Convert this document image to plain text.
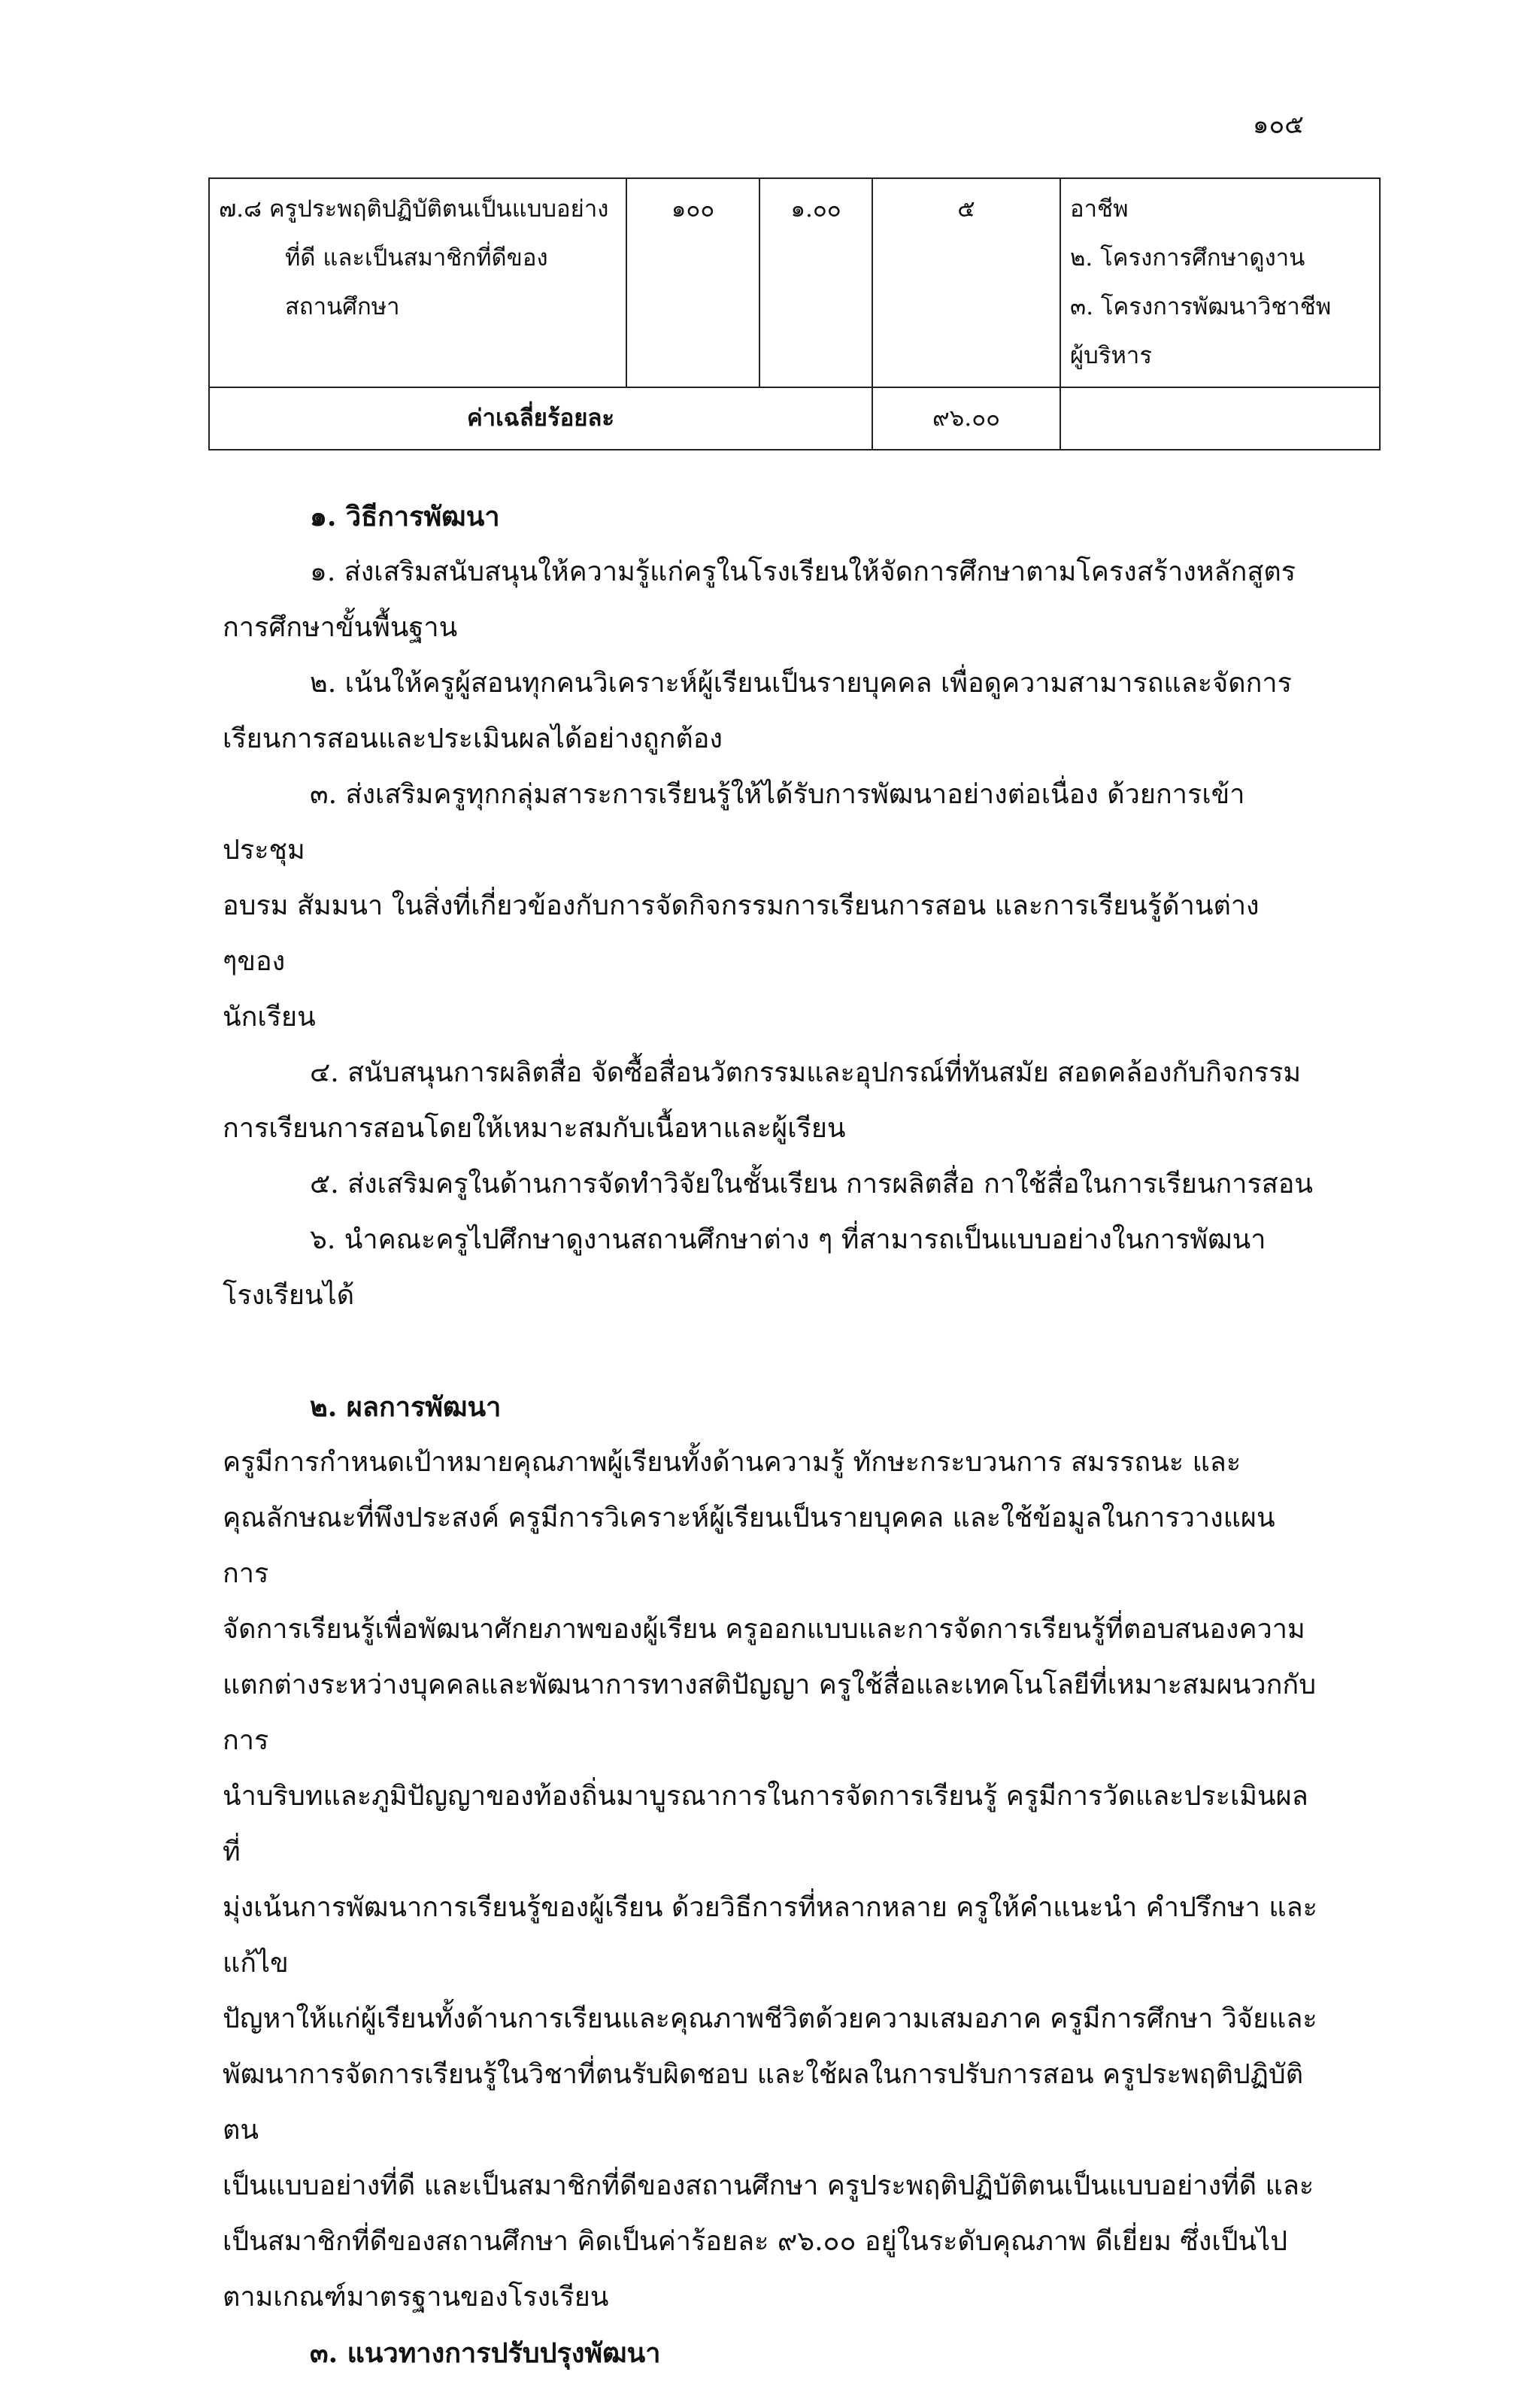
๑๐๕
๗.๘ ครูประพฤติปฏิบัติตนเป็นแบบอย่าง
ที่ดี และเป็นสมาชิกที่ดีของ
สถานศึกษา	๑๐๐	๑.๐๐	๕	อาชีพ
๒. โครงการศึกษาดูงาน
๓. โครงการพัฒนาวิชาชีพ
ผู้บริหาร

ค่าเฉลี่ยร้อยละ			๙๖.๐๐	
๑. วิธีการพัฒนา

๑. ส่งเสริมสนับสนุนให้ความรู้แก่ครูในโรงเรียนให้จัดการศึกษาตามโครงสร้างหลักสูตร
การศึกษาขั้นพื้นฐาน

๒. เน้นให้ครูผู้สอนทุกคนวิเคราะห์ผู้เรียนเป็นรายบุคคล เพื่อดูความสามารถและจัดการ
เรียนการสอนและประเมินผลได้อย่างถูกต้อง

๓. ส่งเสริมครูทุกกลุ่มสาระการเรียนรู้ให้ได้รับการพัฒนาอย่างต่อเนื่อง ด้วยการเข้าประชุม
อบรม สัมมนา ในสิ่งที่เกี่ยวข้องกับการจัดกิจกรรมการเรียนการสอน และการเรียนรู้ด้านต่าง ๆของ
นักเรียน

๔. สนับสนุนการผลิตสื่อ จัดซื้อสื่อนวัตกรรมและอุปกรณ์ที่ทันสมัย สอดคล้องกับกิจกรรม
การเรียนการสอนโดยให้เหมาะสมกับเนื้อหาและผู้เรียน

๕. ส่งเสริมครูในด้านการจัดทำวิจัยในชั้นเรียน การผลิตสื่อ กาใช้สื่อในการเรียนการสอน

๖. นำคณะครูไปศึกษาดูงานสถานศึกษาต่าง ๆ ที่สามารถเป็นแบบอย่างในการพัฒนา
โรงเรียนได้

๒. ผลการพัฒนา

ครูมีการกำหนดเป้าหมายคุณภาพผู้เรียนทั้งด้านความรู้ ทักษะกระบวนการ สมรรถนะ และ
คุณลักษณะที่พึงประสงค์ ครูมีการวิเคราะห์ผู้เรียนเป็นรายบุคคล และใช้ข้อมูลในการวางแผนการ
จัดการเรียนรู้เพื่อพัฒนาศักยภาพของผู้เรียน ครูออกแบบและการจัดการเรียนรู้ที่ตอบสนองความ
แตกต่างระหว่างบุคคลและพัฒนาการทางสติปัญญา ครูใช้สื่อและเทคโนโลยีที่เหมาะสมผนวกกับการ
นำบริบทและภูมิปัญญาของท้องถิ่นมาบูรณาการในการจัดการเรียนรู้ ครูมีการวัดและประเมินผลที่
มุ่งเน้นการพัฒนาการเรียนรู้ของผู้เรียน ด้วยวิธีการที่หลากหลาย ครูให้คำแนะนำ คำปรึกษา และแก้ไข
ปัญหาให้แก่ผู้เรียนทั้งด้านการเรียนและคุณภาพชีวิตด้วยความเสมอภาค ครูมีการศึกษา วิจัยและ
พัฒนาการจัดการเรียนรู้ในวิชาที่ตนรับผิดชอบ และใช้ผลในการปรับการสอน ครูประพฤติปฏิบัติตน
เป็นแบบอย่างที่ดี และเป็นสมาชิกที่ดีของสถานศึกษา ครูประพฤติปฏิบัติตนเป็นแบบอย่างที่ดี และ
เป็นสมาชิกที่ดีของสถานศึกษา คิดเป็นค่าร้อยละ ๙๖.๐๐ อยู่ในระดับคุณภาพ ดีเยี่ยม ซึ่งเป็นไป
ตามเกณฑ์มาตรฐานของโรงเรียน

๓. แนวทางการปรับปรุงพัฒนา
